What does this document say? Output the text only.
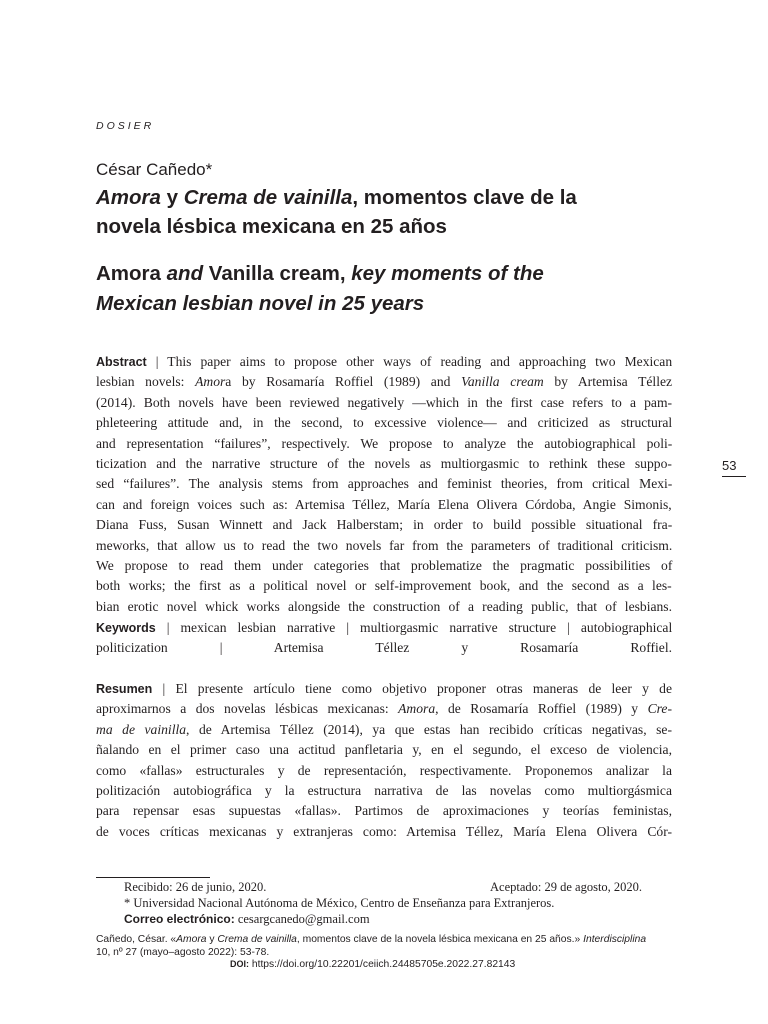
DOSIER
César Cañedo*
Amora y Crema de vainilla, momentos clave de la
novela lésbica mexicana en 25 años
Amora and Vanilla cream, key moments of the
Mexican lesbian novel in 25 years
Abstract | This paper aims to propose other ways of reading and approaching two Mexican
lesbian novels: Amora by Rosamaría Roffiel (1989) and Vanilla cream by Artemisa Téllez
(2014). Both novels have been reviewed negatively —which in the first case refers to a pam-
phleteering attitude and, in the second, to excessive violence— and criticized as structural
and representation “failures”, respectively. We propose to analyze the autobiographical poli-
ticization and the narrative structure of the novels as multiorgasmic to rethink these suppo-
sed “failures”. The analysis stems from approaches and feminist theories, from critical Mexi-
can and foreign voices such as: Artemisa Téllez, María Elena Olivera Córdoba, Angie Simonis,
Diana Fuss, Susan Winnett and Jack Halberstam; in order to build possible situational fra-
meworks, that allow us to read the two novels far from the parameters of traditional criticism.
We propose to read them under categories that problematize the pragmatic possibilities of
both works; the first as a political novel or self-improvement book, and the second as a les-
bian erotic novel whick works alongside the construction of a reading public, that of lesbians.
Keywords | mexican lesbian narrative | multiorgasmic narrative structure | autobiographical
politicization | Artemisa Téllez y Rosamaría Roffiel.
Resumen | El presente artículo tiene como objetivo proponer otras maneras de leer y de
aproximarnos a dos novelas lésbicas mexicanas: Amora, de Rosamaría Roffiel (1989) y Cre-
ma de vainilla, de Artemisa Téllez (2014), ya que estas han recibido críticas negativas, se-
ñalando en el primer caso una actitud panfletaria y, en el segundo, el exceso de violencia,
como «fallas» estructurales y de representación, respectivamente. Proponemos analizar la
politización autobiográfica y la estructura narrativa de las novelas como multiorgásmica
para repensar esas supuestas «fallas». Partimos de aproximaciones y teorías feministas,
de voces críticas mexicanas y extranjeras como: Artemisa Téllez, María Elena Olivera Cór-
53
Recibido: 26 de junio, 2020.	Aceptado: 29 de agosto, 2020.
* Universidad Nacional Autónoma de México, Centro de Enseñanza para Extranjeros.
Correo electrónico: cesargcanedo@gmail.com
Cañedo, César. «Amora y Crema de vainilla, momentos clave de la novela lésbica mexicana en 25 años.» Interdisciplina
10, nº 27 (mayo–agosto 2022): 53-78.
DOI: https://doi.org/10.22201/ceiich.24485705e.2022.27.82143
